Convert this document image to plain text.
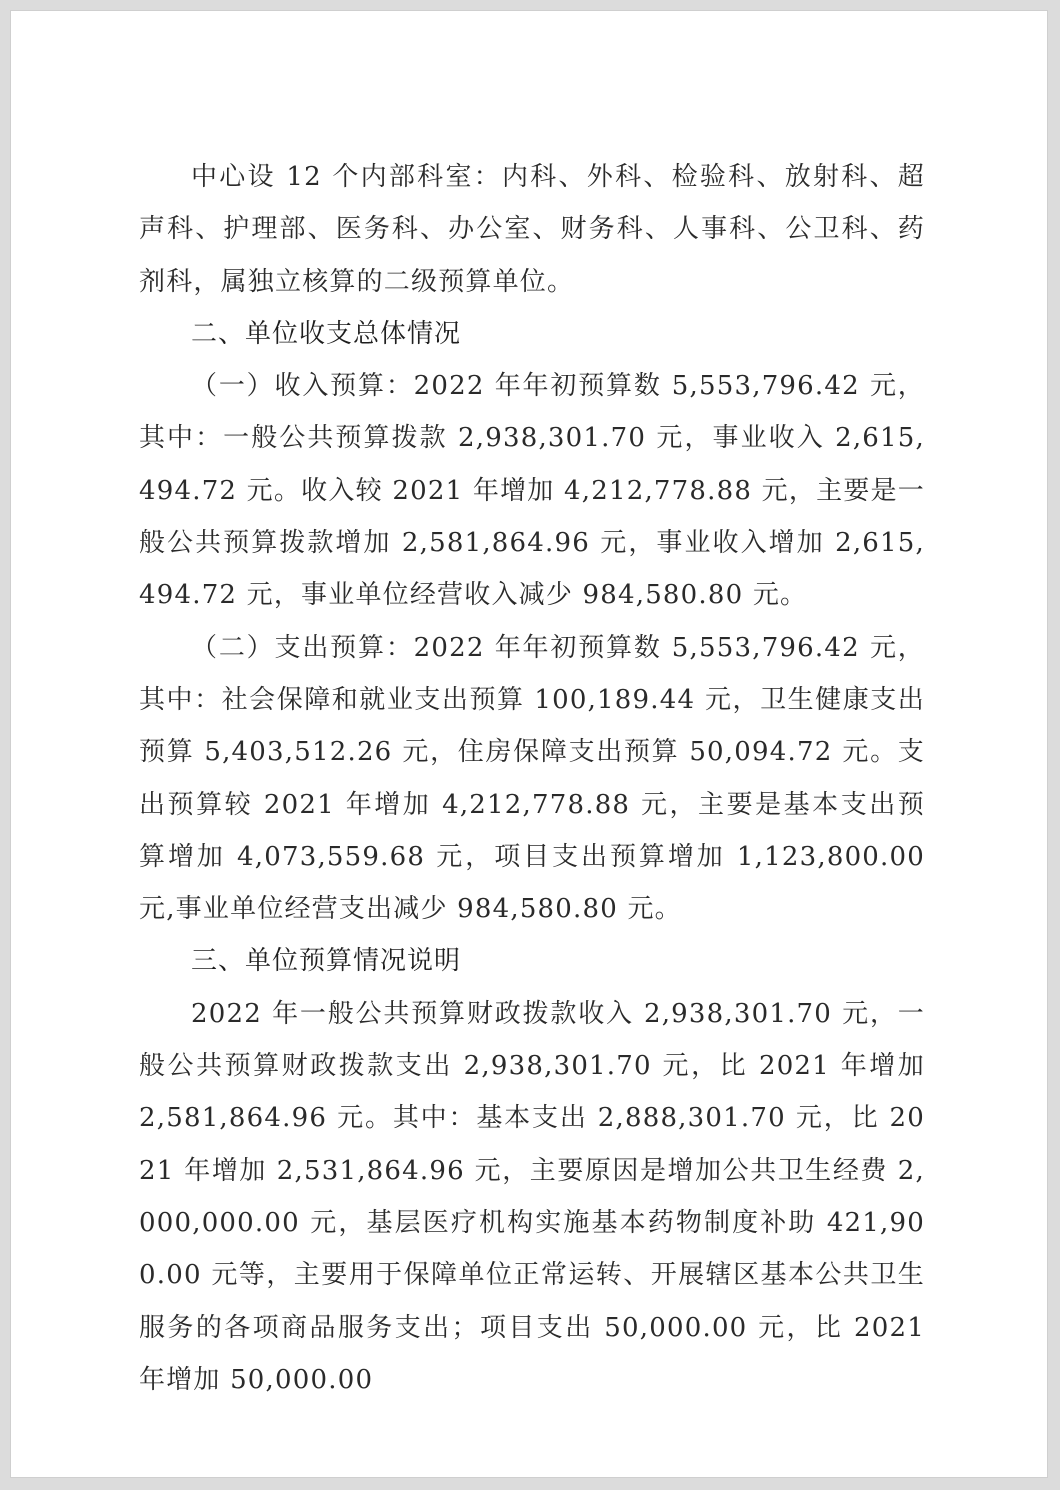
中心设 12 个内部科室：内科、外科、检验科、放射科、超声科、护理部、医务科、办公室、财务科、人事科、公卫科、药剂科，属独立核算的二级预算单位。

二、单位收支总体情况

（一）收入预算：2022 年年初预算数 5,553,796.42 元，其中：一般公共预算拨款 2,938,301.70 元，事业收入 2,615,494.72 元。收入较 2021 年增加 4,212,778.88 元，主要是一般公共预算拨款增加 2,581,864.96 元，事业收入增加 2,615,494.72 元，事业单位经营收入减少 984,580.80 元。

（二）支出预算：2022 年年初预算数 5,553,796.42 元，其中：社会保障和就业支出预算 100,189.44 元，卫生健康支出预算 5,403,512.26 元，住房保障支出预算 50,094.72 元。支出预算较 2021 年增加 4,212,778.88 元，主要是基本支出预算增加 4,073,559.68 元，项目支出预算增加 1,123,800.00 元,事业单位经营支出减少 984,580.80 元。

三、单位预算情况说明

2022 年一般公共预算财政拨款收入 2,938,301.70 元，一般公共预算财政拨款支出 2,938,301.70 元，比 2021 年增加 2,581,864.96 元。其中：基本支出 2,888,301.70 元，比 2021 年增加 2,531,864.96 元，主要原因是增加公共卫生经费 2,000,000.00 元，基层医疗机构实施基本药物制度补助 421,900.00 元等，主要用于保障单位正常运转、开展辖区基本公共卫生服务的各项商品服务支出；项目支出 50,000.00 元，比 2021 年增加 50,000.00
